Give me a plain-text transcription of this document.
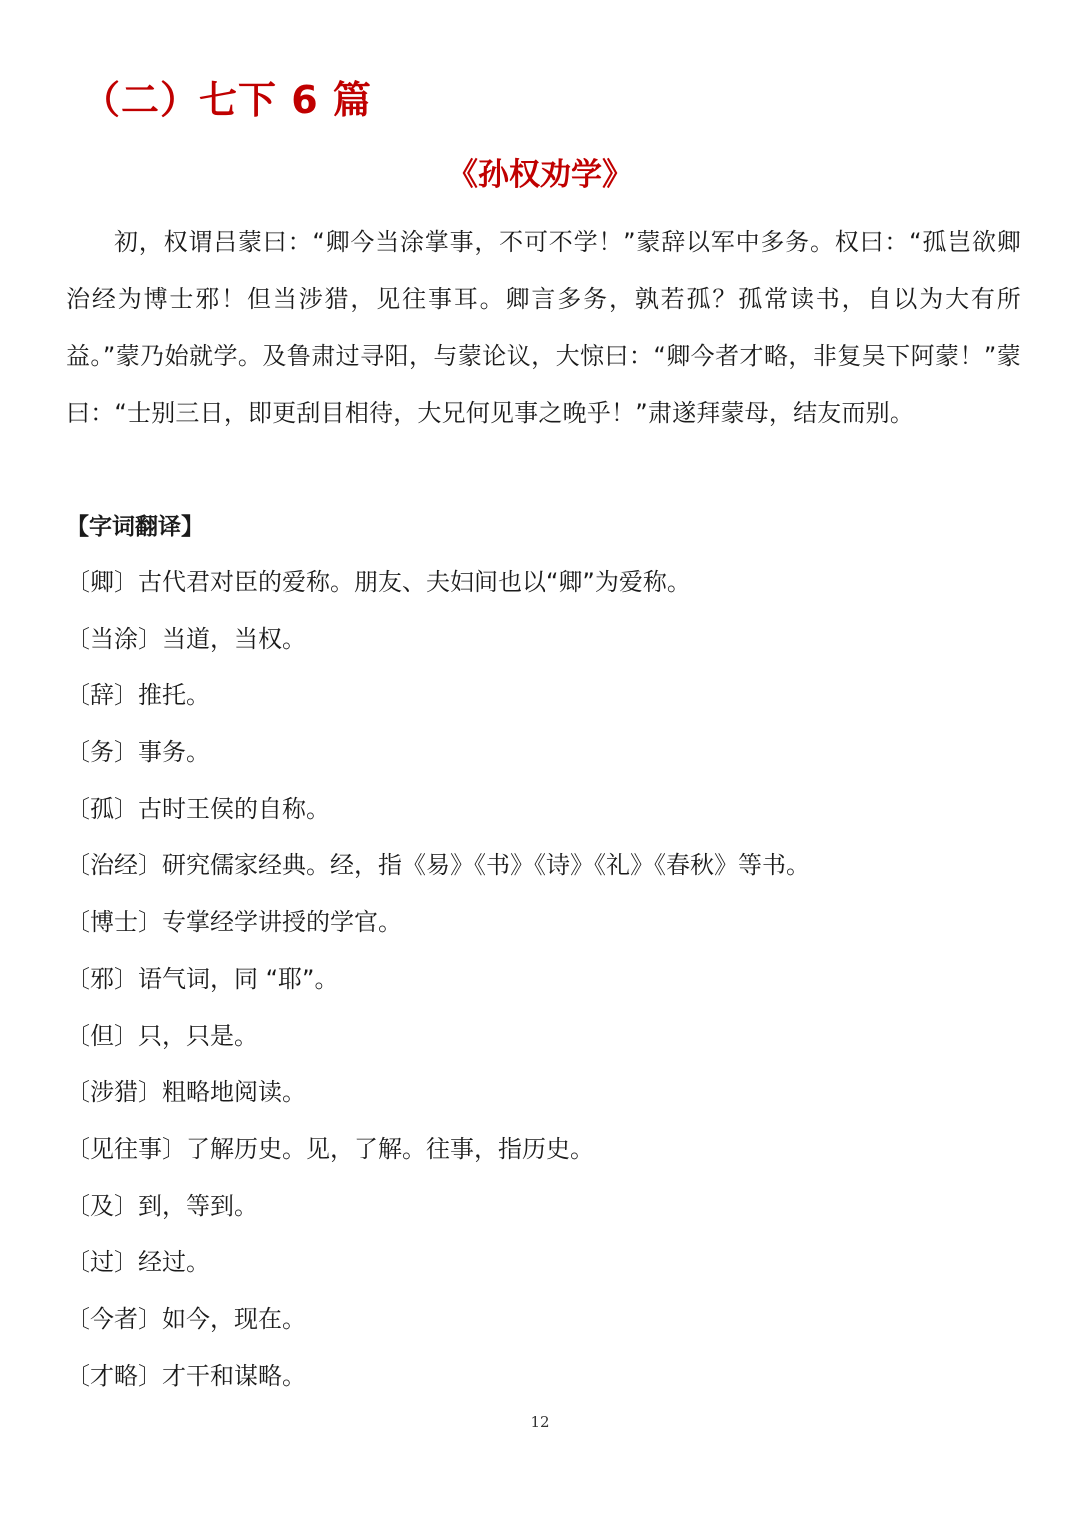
（二）七下 6 篇
《孙权劝学》

初，权谓吕蒙曰：“卿今当涂掌事，不可不学！”蒙辞以军中多务。权曰：“孤岂欲卿治经为博士邪！但当涉猎，见往事耳。卿言多务，孰若孤？孤常读书，自以为大有所益。”蒙乃始就学。及鲁肃过寻阳，与蒙论议，大惊曰：“卿今者才略，非复吴下阿蒙！”蒙曰：“士别三日，即更刮目相待，大兄何见事之晚乎！”肃遂拜蒙母，结友而别。

【字词翻译】
〔卿〕古代君对臣的爱称。朋友、夫妇间也以“卿”为爱称。
〔当涂〕当道，当权。
〔辞〕推托。
〔务〕事务。
〔孤〕古时王侯的自称。
〔治经〕研究儒家经典。经，指《易》《书》《诗》《礼》《春秋》等书。
〔博士〕专掌经学讲授的学官。
〔邪〕语气词，同 “耶”。
〔但〕只，只是。
〔涉猎〕粗略地阅读。
〔见往事〕了解历史。见，了解。往事，指历史。
〔及〕到，等到。
〔过〕经过。
〔今者〕如今，现在。
〔才略〕才干和谋略。
12
